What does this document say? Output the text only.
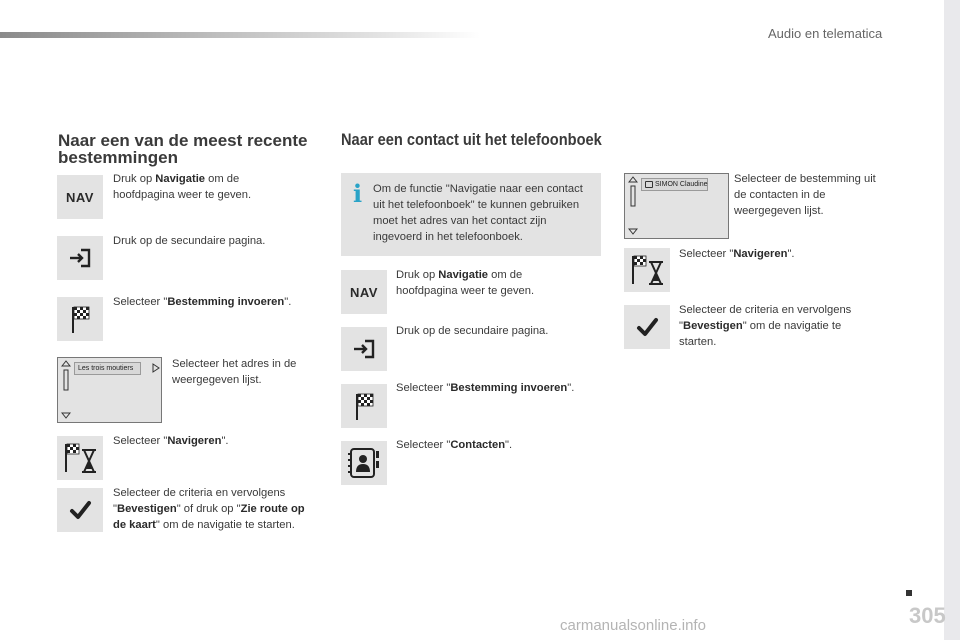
Audio en telematica
Naar een van de meest recente bestemmingen
NAV
Druk op Navigatie om de hoofdpagina weer te geven.
Druk op de secundaire pagina.
Selecteer "Bestemming invoeren".
Les trois moutiers	Selecteer het adres in de weergegeven lijst.
Selecteer "Navigeren".
Selecteer de criteria en vervolgens "Bevestigen" of druk op "Zie route op de kaart" om de navigatie te starten.
Naar een contact uit het telefoonboek
i Om de functie "Navigatie naar een contact uit het telefoonboek" te kunnen gebruiken moet het adres van het contact zijn ingevoerd in het telefoonboek.
NAV
Druk op Navigatie om de hoofdpagina weer te geven.
Druk op de secundaire pagina.
Selecteer "Bestemming invoeren".
Selecteer "Contacten".
SIMON Claudine Selecteer de bestemming uit de contacten in de weergegeven lijst.
Selecteer "Navigeren".
Selecteer de criteria en vervolgens "Bevestigen" om de navigatie te starten.
305
carmanualsonline.info
